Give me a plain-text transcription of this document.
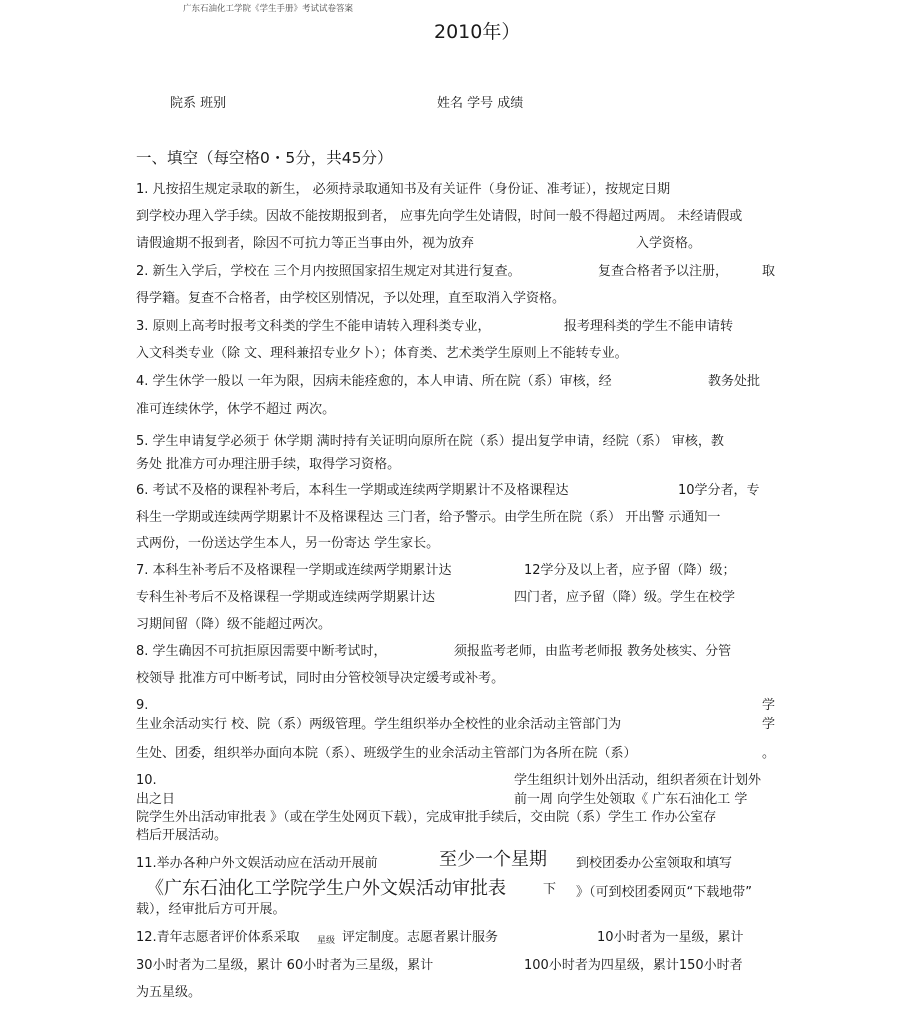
广东石油化工学院《学生手册》考试试卷答案
2010年）
院系 班别	姓名 学号 成绩
一、填空（每空格0・5分，共45分）
1. 凡按招生规定录取的新生， 必须持录取通知书及有关证件（身份证、准考证），按规定日期
到学校办理入学手续。因故不能按期报到者， 应事先向学生处请假，时间一般不得超过两周。 未经请假或
请假逾期不报到者，除因不可抗力等正当事由外，视为放弃	入学资格。
2. 新生入学后，学校在 三个月内按照国家招生规定对其进行复查。	复查合格者予以注册，	取
得学籍。复查不合格者，由学校区别情况，予以处理，直至取消入学资格。
3. 原则上高考时报考文科类的学生不能申请转入理科类专业，	报考理科类的学生不能申请转
入文科类专业（除 文、理科兼招专业夕卜）；体育类、艺术类学生原则上不能转专业。
4. 学生休学一般以 一年为限，因病未能痊愈的，本人申请、所在院（系）审核，经	教务处批
准可连续休学，休学不超过 两次。
5. 学生申请复学必须于 休学期 满时持有关证明向原所在院（系）提出复学申请，经院（系） 审核，教
务处 批准方可办理注册手续，取得学习资格。
6. 考试不及格的课程补考后，本科生一学期或连续两学期累计不及格课程达	10学分者，专
科生一学期或连续两学期累计不及格课程达 三门者，给予警示。由学生所在院（系） 开出警 示通知一
式两份，一份送达学生本人，另一份寄达 学生家长。
7. 本科生补考后不及格课程一学期或连续两学期累计达	12学分及以上者，应予留（降）级；
专科生补考后不及格课程一学期或连续两学期累计达	四门者，应予留（降）级。学生在校学
习期间留（降）级不能超过两次。
8. 学生确因不可抗拒原因需要中断考试时，	须报监考老师，由监考老师报 教务处核实、分管
校领导 批准方可中断考试，同时由分管校领导决定缓考或补考。
9.	学
生业余活动实行 校、院（系）两级管理。学生组织举办全校性的业余活动主管部门为	学
生处、团委，组织举办面向本院（系）、班级学生的业余活动主管部门为各所在院（系）	。
10.	学生组织计划外出活动，组织者须在计划外
出之日	前一周 向学生处领取《 广东石油化工 学
院学生外出活动审批表 》（或在学生处网页下载），完成审批手续后，交由院（系）学生工 作办公室存
档后开展活动。
11.举办各种户外文娱活动应在活动开展前	至少一个星期 到校团委办公室领取和填写
《广东石油化工学院学生户外文娱活动审批表	下 》（可到校团委网页“下载地带”
载），经审批后方可开展。
12.青年志愿者评价体系采取 星级 评定制度。志愿者累计服务	10小时者为一星级，累计
30小时者为二星级，累计 60小时者为三星级，累计	100小时者为四星级，累计150小时者
为五星级。
